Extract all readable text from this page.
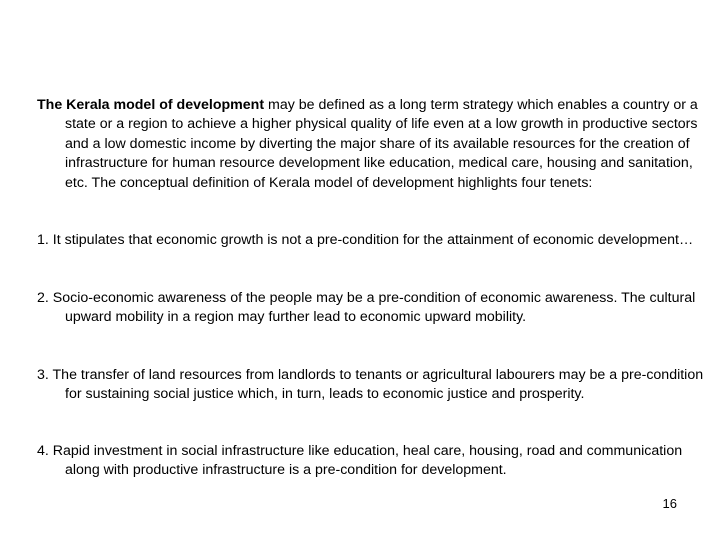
The Kerala model of development may be defined as a long term strategy which enables a country or a state or a region to achieve a higher physical quality of life even at a low growth in productive sectors and a low domestic income by diverting the major share of its available resources for the creation of infrastructure for human resource development like education, medical care, housing and sanitation, etc. The conceptual definition of Kerala model of development highlights four tenets:

1. It stipulates that economic growth is not a pre-condition for the attainment of economic development…

2. Socio-economic awareness of the people may be a pre-condition of economic awareness. The cultural upward mobility in a region may further lead to economic upward mobility.

3. The transfer of land resources from landlords to tenants or agricultural labourers may be a pre-condition for sustaining social justice which, in turn, leads to economic justice and prosperity.

4. Rapid investment in social infrastructure like education, heal care, housing, road and communication along with productive infrastructure is a pre-condition for development.

16
